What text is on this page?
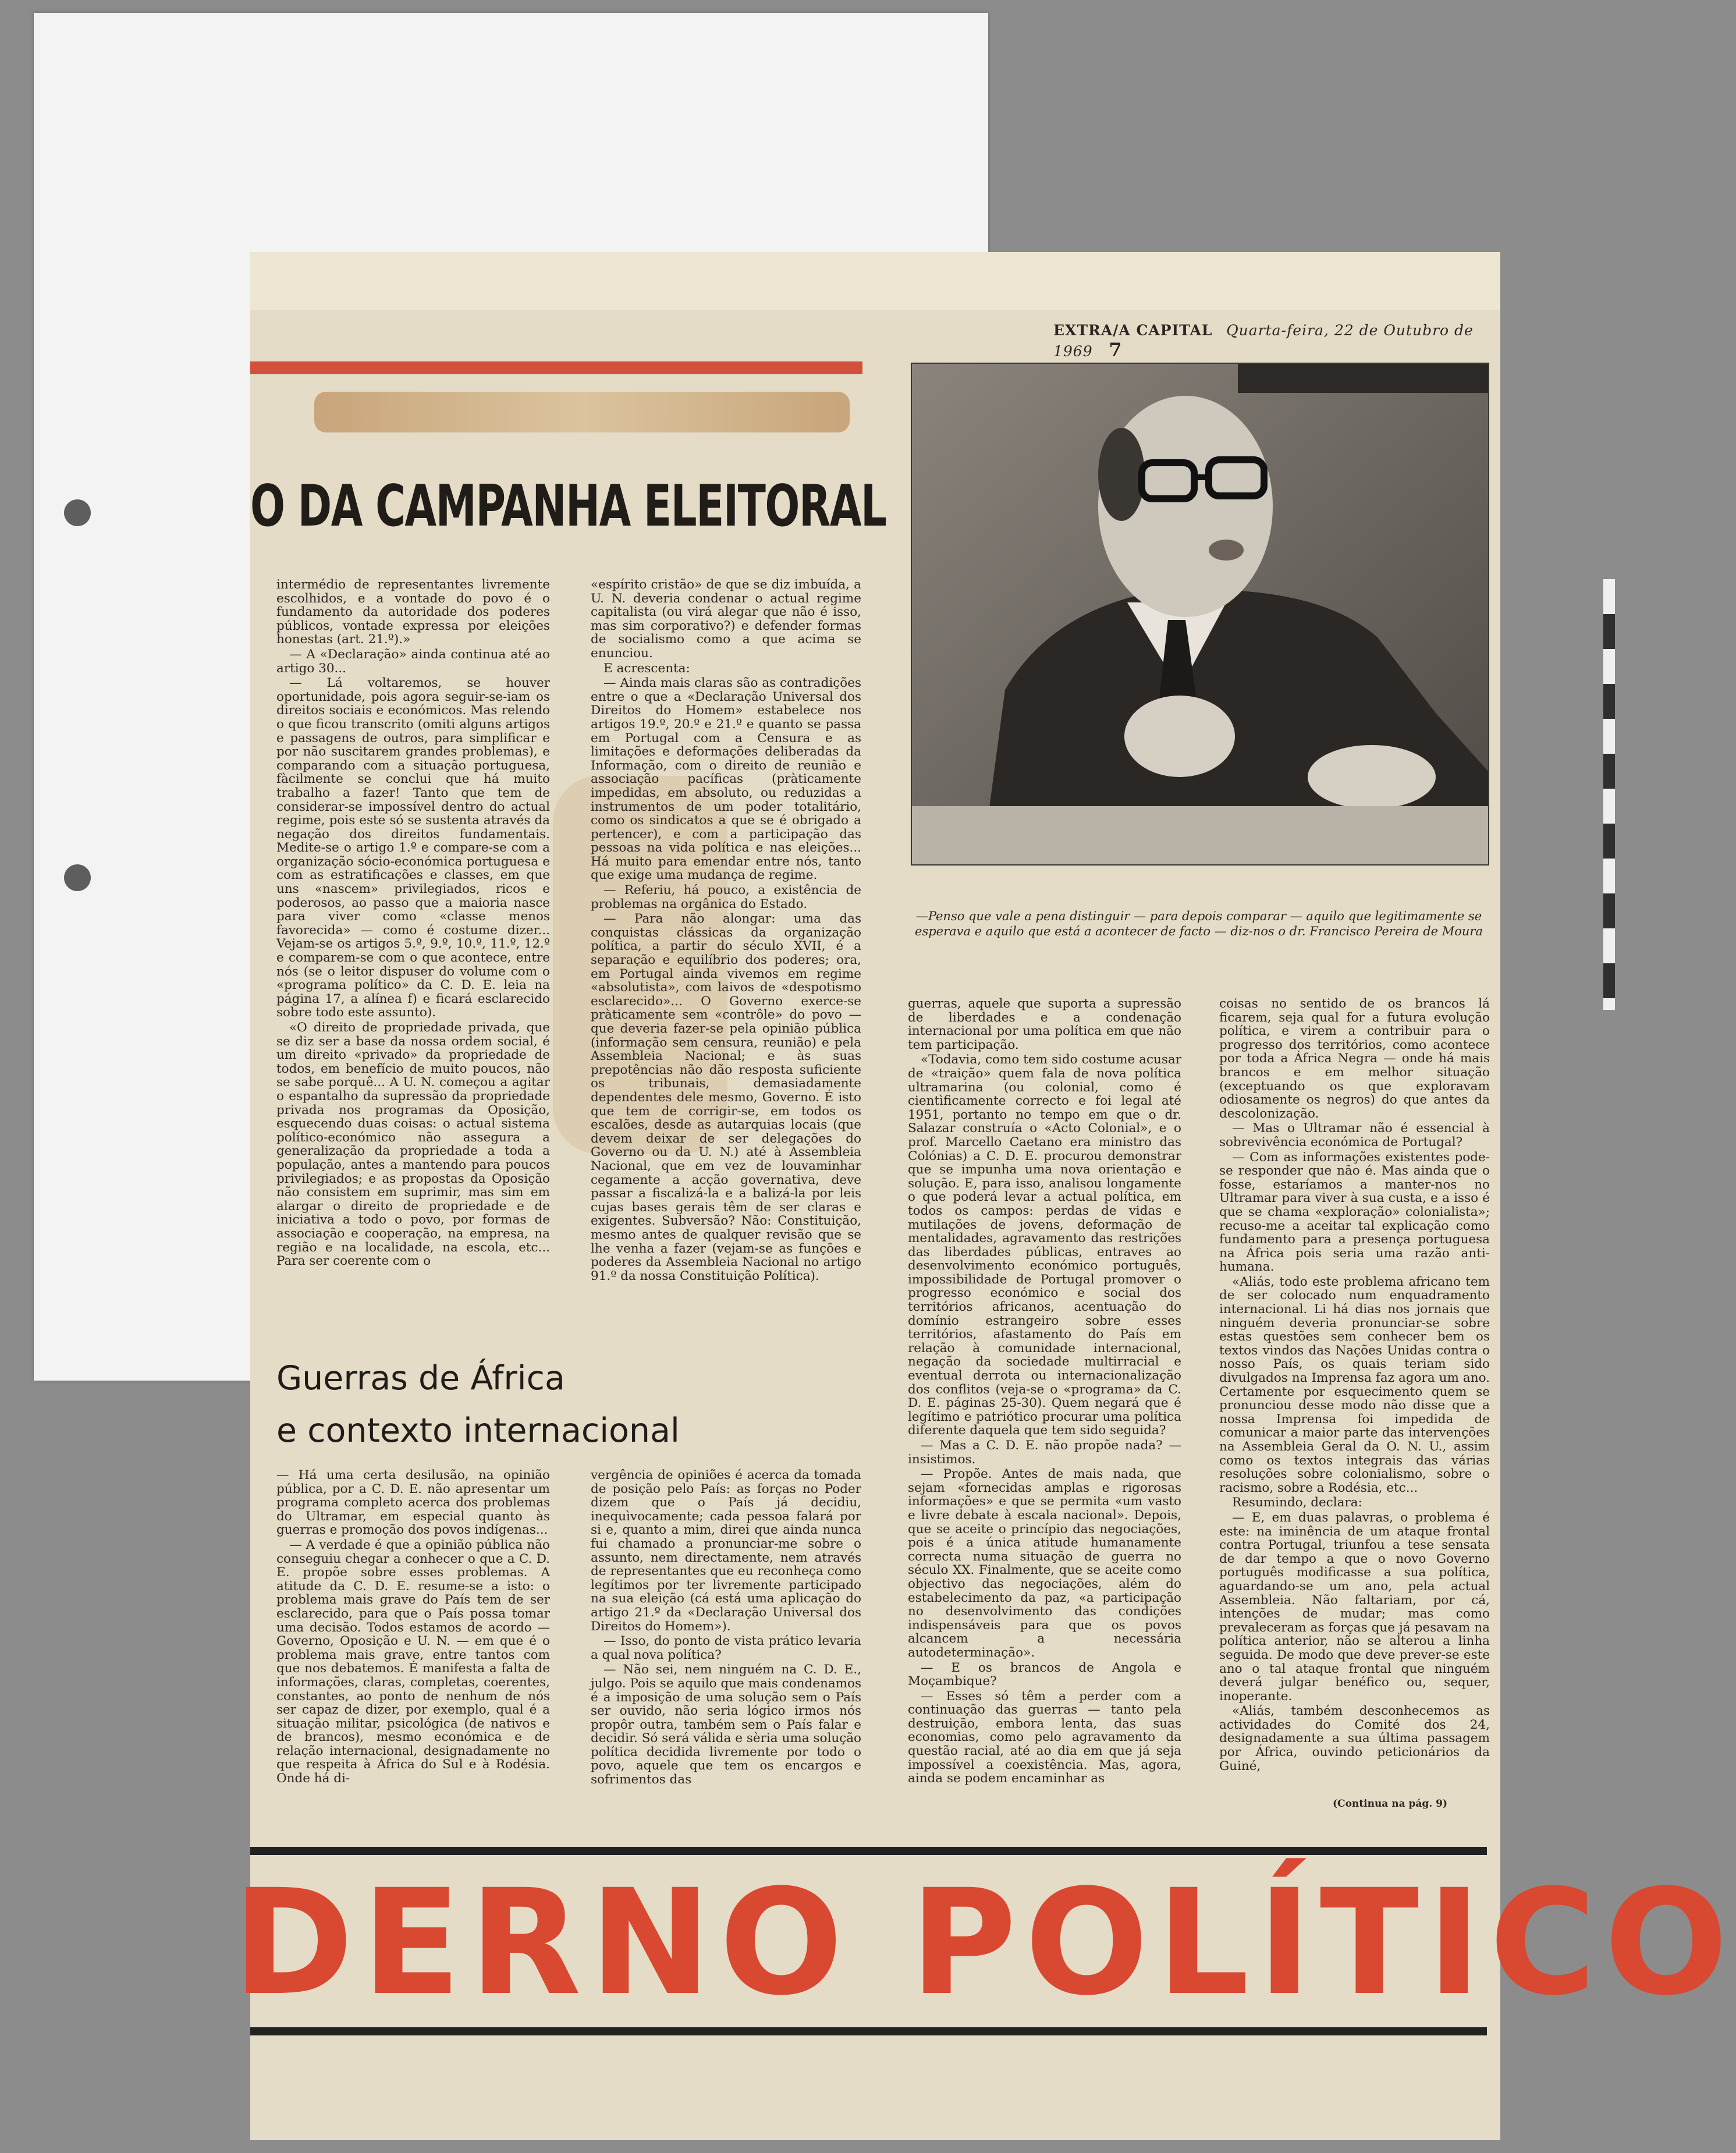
EXTRA/A CAPITAL Quarta-feira, 22 de Outubro de 1969 7
O DA CAMPANHA ELEITORAL

intermédio de representantes livremente escolhidos, e a vontade do povo é o fundamento da autoridade dos poderes públicos, vontade expressa por eleições honestas (art. 21.º).»

— A «Declaração» ainda continua até ao artigo 30...

— Lá voltaremos, se houver oportunidade, pois agora seguir-se-iam os direitos sociais e económicos. Mas relendo o que ficou transcrito (omiti alguns artigos e passagens de outros, para simplificar e por não suscitarem grandes problemas), e comparando com a situação portuguesa, fàcilmente se conclui que há muito trabalho a fazer! Tanto que tem de considerar-se impossível dentro do actual regime, pois este só se sustenta através da negação dos direitos fundamentais. Medite-se o artigo 1.º e compare-se com a organização sócio-económica portuguesa e com as estratificações e classes, em que uns «nascem» privilegiados, ricos e poderosos, ao passo que a maioria nasce para viver como «classe menos favorecida» — como é costume dizer... Vejam-se os artigos 5.º, 9.º, 10.º, 11.º, 12.º e comparem-se com o que acontece, entre nós (se o leitor dispuser do volume com o «programa político» da C. D. E. leia na página 17, a alínea f) e ficará esclarecido sobre todo este assunto).

«O direito de propriedade privada, que se diz ser a base da nossa ordem social, é um direito «privado» da propriedade de todos, em benefício de muito poucos, não se sabe porquê... A U. N. começou a agitar o espantalho da supressão da propriedade privada nos programas da Oposição, esquecendo duas coisas: o actual sistema político-económico não assegura a generalização da propriedade a toda a população, antes a mantendo para poucos privilegiados; e as propostas da Oposição não consistem em suprimir, mas sim em alargar o direito de propriedade e de iniciativa a todo o povo, por formas de associação e cooperação, na empresa, na região e na localidade, na escola, etc... Para ser coerente com o

«espírito cristão» de que se diz imbuída, a U. N. deveria condenar o actual regime capitalista (ou virá alegar que não é isso, mas sim corporativo?) e defender formas de socialismo como a que acima se enunciou.

E acrescenta:

— Ainda mais claras são as contradições entre o que a «Declaração Universal dos Direitos do Homem» estabelece nos artigos 19.º, 20.º e 21.º e quanto se passa em Portugal com a Censura e as limitações e deformações deliberadas da Informação, com o direito de reunião e associação pacíficas (pràticamente impedidas, em absoluto, ou reduzidas a instrumentos de um poder totalitário, como os sindicatos a que se é obrigado a pertencer), e com a participação das pessoas na vida política e nas eleições... Há muito para emendar entre nós, tanto que exige uma mudança de regime.

— Referiu, há pouco, a existência de problemas na orgânica do Estado.

— Para não alongar: uma das conquistas clássicas da organização política, a partir do século XVII, é a separação e equilíbrio dos poderes; ora, em Portugal ainda vivemos em regime «absolutista», com laivos de «despotismo esclarecido»... O Governo exerce-se pràticamente sem «contrôle» do povo — que deveria fazer-se pela opinião pública (informação sem censura, reunião) e pela Assembleia Nacional; e às suas prepotências não dão resposta suficiente os tribunais, demasiadamente dependentes dele mesmo, Governo. É isto que tem de corrigir-se, em todos os escalões, desde as autarquias locais (que devem deixar de ser delegações do Governo ou da U. N.) até à Assembleia Nacional, que em vez de louvaminhar cegamente a acção governativa, deve passar a fiscalizá-la e a balizá-la por leis cujas bases gerais têm de ser claras e exigentes. Subversão? Não: Constituição, mesmo antes de qualquer revisão que se lhe venha a fazer (vejam-se as funções e poderes da Assembleia Nacional no artigo 91.º da nossa Constituição Política).

—Penso que vale a pena distinguir — para depois comparar — aquilo que legitimamente se esperava e aquilo que está a acontecer de facto — diz-nos o dr. Francisco Pereira de Moura

guerras, aquele que suporta a supressão de liberdades e a condenação internacional por uma política em que não tem participação.

«Todavia, como tem sido costume acusar de «traição» quem fala de nova política ultramarina (ou colonial, como é cientìficamente correcto e foi legal até 1951, portanto no tempo em que o dr. Salazar construía o «Acto Colonial», e o prof. Marcello Caetano era ministro das Colónias) a C. D. E. procurou demonstrar que se impunha uma nova orientação e solução. E, para isso, analisou longamente o que poderá levar a actual política, em todos os campos: perdas de vidas e mutilações de jovens, deformação de mentalidades, agravamento das restrições das liberdades públicas, entraves ao desenvolvimento económico português, impossibilidade de Portugal promover o progresso económico e social dos territórios africanos, acentuação do domínio estrangeiro sobre esses territórios, afastamento do País em relação à comunidade internacional, negação da sociedade multirracial e eventual derrota ou internacionalização dos conflitos (veja-se o «programa» da C. D. E. páginas 25-30). Quem negará que é legítimo e patriótico procurar uma política diferente daquela que tem sido seguida?

— Mas a C. D. E. não propõe nada? — insistimos.

— Propõe. Antes de mais nada, que sejam «fornecidas amplas e rigorosas informações» e que se permita «um vasto e livre debate à escala nacional». Depois, que se aceite o princípio das negociações, pois é a única atitude humanamente correcta numa situação de guerra no século XX. Finalmente, que se aceite como objectivo das negociações, além do estabelecimento da paz, «a participação no desenvolvimento das condições indispensáveis para que os povos alcancem a necessária autodeterminação».

— E os brancos de Angola e Moçambique?

— Esses só têm a perder com a continuação das guerras — tanto pela destruição, embora lenta, das suas economias, como pelo agravamento da questão racial, até ao dia em que já seja impossível a coexistência. Mas, agora, ainda se podem encaminhar as

coisas no sentido de os brancos lá ficarem, seja qual for a futura evolução política, e virem a contribuir para o progresso dos territórios, como acontece por toda a África Negra — onde há mais brancos e em melhor situação (exceptuando os que exploravam odiosamente os negros) do que antes da descolonização.

— Mas o Ultramar não é essencial à sobrevivência económica de Portugal?

— Com as informações existentes pode-se responder que não é. Mas ainda que o fosse, estaríamos a manter-nos no Ultramar para viver à sua custa, e a isso é que se chama «exploração» colonialista»; recuso-me a aceitar tal explicação como fundamento para a presença portuguesa na África pois seria uma razão anti-humana.

«Aliás, todo este problema africano tem de ser colocado num enquadramento internacional. Li há dias nos jornais que ninguém deveria pronunciar-se sobre estas questões sem conhecer bem os textos vindos das Nações Unidas contra o nosso País, os quais teriam sido divulgados na Imprensa faz agora um ano. Certamente por esquecimento quem se pronunciou desse modo não disse que a nossa Imprensa foi impedida de comunicar a maior parte das intervenções na Assembleia Geral da O. N. U., assim como os textos integrais das várias resoluções sobre colonialismo, sobre o racismo, sobre a Rodésia, etc...

Resumindo, declara:

— E, em duas palavras, o problema é este: na iminência de um ataque frontal contra Portugal, triunfou a tese sensata de dar tempo a que o novo Governo português modificasse a sua política, aguardando-se um ano, pela actual Assembleia. Não faltariam, por cá, intenções de mudar; mas como prevaleceram as forças que já pesavam na política anterior, não se alterou a linha seguida. De modo que deve prever-se este ano o tal ataque frontal que ninguém deverá julgar benéfico ou, sequer, inoperante.

«Aliás, também desconhecemos as actividades do Comité dos 24, designadamente a sua última passagem por África, ouvindo peticionários da Guiné,

(Continua na pág. 9)
Guerras de África
e contexto internacional

— Há uma certa desilusão, na opinião pública, por a C. D. E. não apresentar um programa completo acerca dos problemas do Ultramar, em especial quanto às guerras e promoção dos povos indígenas...

— A verdade é que a opinião pública não conseguiu chegar a conhecer o que a C. D. E. propõe sobre esses problemas. A atitude da C. D. E. resume-se a isto: o problema mais grave do País tem de ser esclarecido, para que o País possa tomar uma decisão. Todos estamos de acordo — Governo, Oposição e U. N. — em que é o problema mais grave, entre tantos com que nos debatemos. É manifesta a falta de informações, claras, completas, coerentes, constantes, ao ponto de nenhum de nós ser capaz de dizer, por exemplo, qual é a situação militar, psicológica (de nativos e de brancos), mesmo económica e de relação internacional, designadamente no que respeita à África do Sul e à Rodésia. Onde há di-

vergência de opiniões é acerca da tomada de posição pelo País: as forças no Poder dizem que o País já decidiu, inequìvocamente; cada pessoa falará por si e, quanto a mim, direi que ainda nunca fui chamado a pronunciar-me sobre o assunto, nem directamente, nem através de representantes que eu reconheça como legítimos por ter livremente participado na sua eleição (cá está uma aplicação do artigo 21.º da «Declaração Universal dos Direitos do Homem»).

— Isso, do ponto de vista prático levaria a qual nova política?

— Não sei, nem ninguém na C. D. E., julgo. Pois se aquilo que mais condenamos é a imposição de uma solução sem o País ser ouvido, não seria lógico irmos nós propôr outra, também sem o País falar e decidir. Só será válida e sèria uma solução política decidida livremente por todo o povo, aquele que tem os encargos e sofrimentos das

DERNO POLÍTICO
